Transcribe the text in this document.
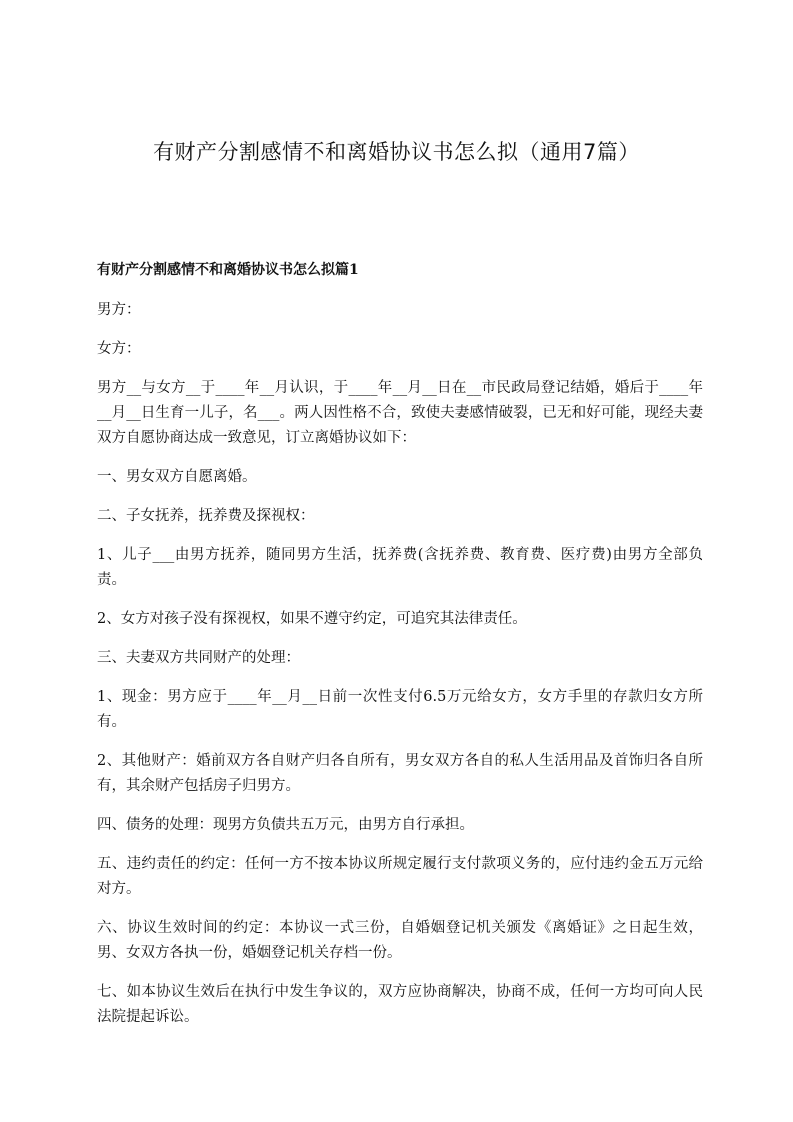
有财产分割感情不和离婚协议书怎么拟（通用7篇）
有财产分割感情不和离婚协议书怎么拟篇1

男方：

女方：

男方__与女方__于____年__月认识，于____年__月__日在__市民政局登记结婚，婚后于____年__月__日生育一儿子，名___。两人因性格不合，致使夫妻感情破裂，已无和好可能，现经夫妻双方自愿协商达成一致意见，订立离婚协议如下：

一、男女双方自愿离婚。

二、子女抚养，抚养费及探视权：

1、儿子___由男方抚养，随同男方生活，抚养费(含抚养费、教育费、医疗费)由男方全部负责。

2、女方对孩子没有探视权，如果不遵守约定，可追究其法律责任。

三、夫妻双方共同财产的处理：

1、现金：男方应于____年__月__日前一次性支付6.5万元给女方，女方手里的存款归女方所有。

2、其他财产：婚前双方各自财产归各自所有，男女双方各自的私人生活用品及首饰归各自所有，其余财产包括房子归男方。

四、债务的处理：现男方负债共五万元，由男方自行承担。

五、违约责任的约定：任何一方不按本协议所规定履行支付款项义务的，应付违约金五万元给对方。

六、协议生效时间的约定：本协议一式三份，自婚姻登记机关颁发《离婚证》之日起生效，男、女双方各执一份，婚姻登记机关存档一份。

七、如本协议生效后在执行中发生争议的，双方应协商解决，协商不成，任何一方均可向人民法院提起诉讼。
